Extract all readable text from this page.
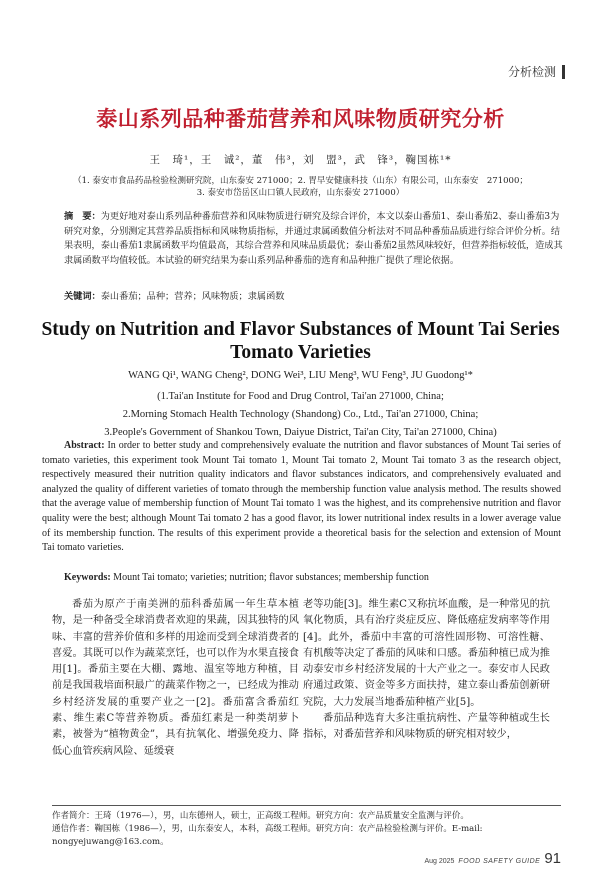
分析检测
泰山系列品种番茄营养和风味物质研究分析
王　琦¹，王　诚²，董　伟³，刘　盟³，武　锋³，鞠国栋¹*
（1. 泰安市食品药品检验检测研究院，山东泰安 271000；2. 胃早安健康科技（山东）有限公司，山东泰安　271000；
3. 泰安市岱岳区山口镇人民政府，山东泰安 271000）
摘　要：为更好地对泰山系列品种番茄营养和风味物质进行研究及综合评价，本文以泰山番茄1、泰山番茄2、泰山番茄3为研究对象，分别测定其营养品质指标和风味物质指标，并通过隶属函数值分析法对不同品种番茄品质进行综合评价分析。结果表明，泰山番茄1隶属函数平均值最高，其综合营养和风味品质最优；泰山番茄2虽然风味较好，但营养指标较低，造成其隶属函数平均值较低。本试验的研究结果为泰山系列品种番茄的选育和品种推广提供了理论依据。
关键词：泰山番茄；品种；营养；风味物质；隶属函数
Study on Nutrition and Flavor Substances of Mount Tai Series Tomato Varieties
WANG Qi¹, WANG Cheng², DONG Wei³, LIU Meng³, WU Feng³, JU Guodong¹*
(1.Tai'an Institute for Food and Drug Control, Tai'an 271000, China;
2.Morning Stomach Health Technology (Shandong) Co., Ltd., Tai'an 271000, China;
3.People's Government of Shankou Town, Daiyue District, Tai'an City, Tai'an 271000, China)
Abstract: In order to better study and comprehensively evaluate the nutrition and flavor substances of Mount Tai series of tomato varieties, this experiment took Mount Tai tomato 1, Mount Tai tomato 2, Mount Tai tomato 3 as the research object, respectively measured their nutrition quality indicators and flavor substances indicators, and comprehensively evaluated and analyzed the quality of different varieties of tomato through the membership function value analysis method. The results showed that the average value of membership function of Mount Tai tomato 1 was the highest, and its comprehensive nutrition and flavor quality were the best; although Mount Tai tomato 2 has a good flavor, its lower nutritional index results in a lower average value of its membership function. The results of this experiment provide a theoretical basis for the selection and extension of Mount Tai tomato varieties.
Keywords: Mount Tai tomato; varieties; nutrition; flavor substances; membership function
番茄为原产于南美洲的茄科番茄属一年生草本植物，是一种备受全球消费者欢迎的果蔬，因其独特的风味、丰富的营养价值和多样的用途而受到全球消费者的喜爱。其既可以作为蔬菜烹饪，也可以作为水果直接食用[1]。番茄主要在大棚、露地、温室等地方种植，目前是我国栽培面积最广的蔬菜作物之一，已经成为推动乡村经济发展的重要产业之一[2]。番茄富含番茄红素、维生素C等营养物质。番茄红素是一种类胡萝卜素，被誉为“植物黄金”，具有抗氧化、增强免疫力、降低心血管疾病风险、延缓衰
老等功能[3]。维生素C又称抗坏血酸，是一种常见的抗氧化物质，具有治疗炎症反应、降低癌症发病率等作用[4]。此外，番茄中丰富的可溶性固形物、可溶性糖、有机酸等决定了番茄的风味和口感。番茄种植已成为推动泰安市乡村经济发展的十大产业之一。泰安市人民政府通过政策、资金等多方面扶持，建立泰山番茄创新研究院，大力发展当地番茄种植产业[5]。
番茄品种选育大多注重抗病性、产量等种植或生长指标，对番茄营养和风味物质的研究相对较少，
作者简介：王琦（1976—），男，山东德州人，硕士，正高级工程师。研究方向：农产品质量安全监测与评价。
通信作者：鞠国栋（1986—），男，山东泰安人，本科，高级工程师。研究方向：农产品检验检测与评价。E-mail: nongyejuwang@163.com。
Aug 2025 FOOD SAFETY GUIDE 91
